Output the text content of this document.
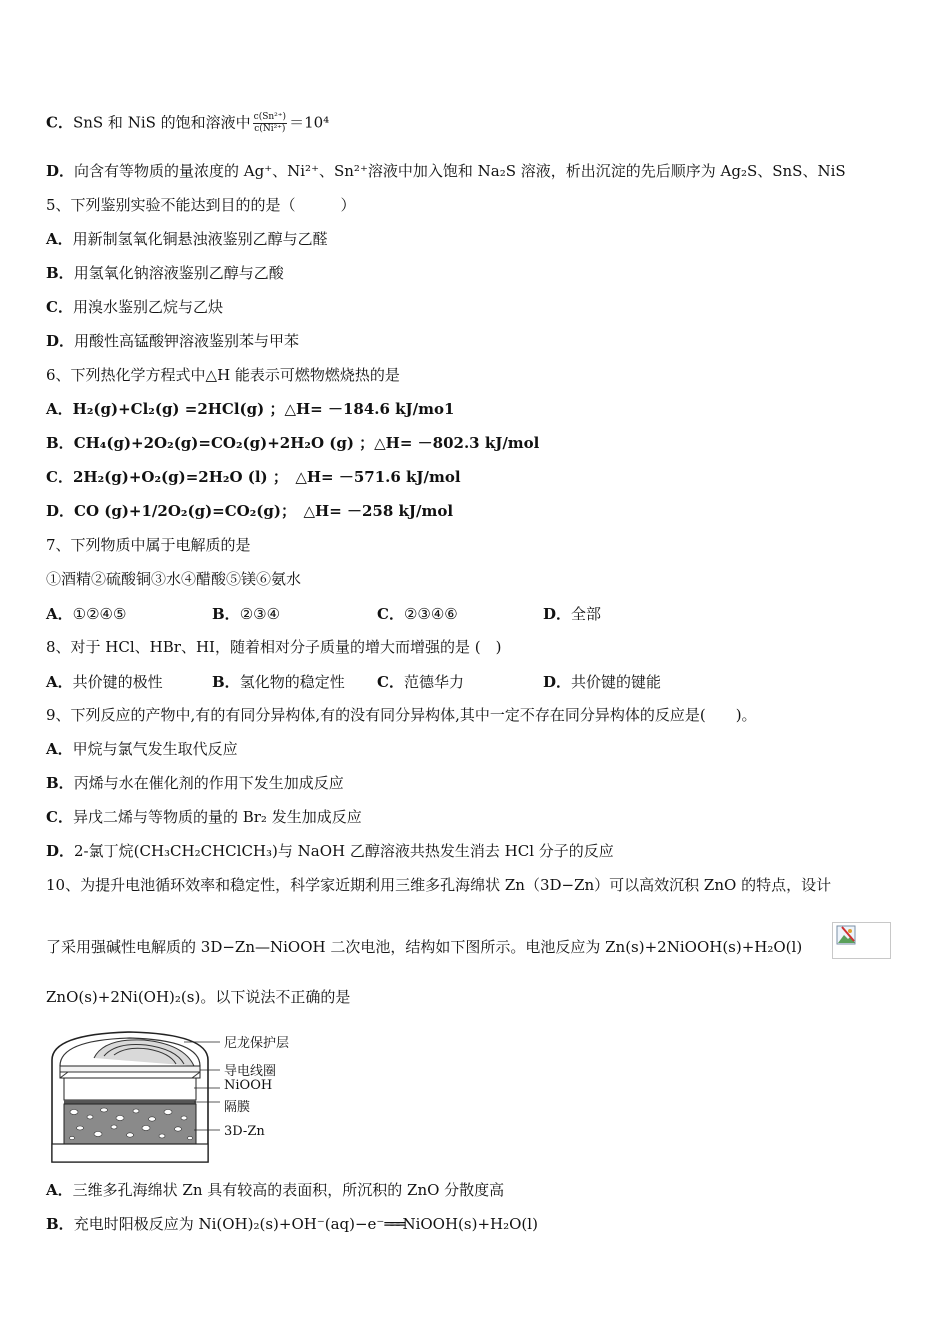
C．SnS 和 NiS 的饱和溶液中 $\frac{\text{c(Sn²⁺)}}{\text{c(Ni²⁺)}} =10^4$
D．向含有等物质的量浓度的 Ag⁺、Ni²⁺、Sn²⁺溶液中加入饱和 Na₂S 溶液，析出沉淀的先后顺序为 Ag₂S、SnS、NiS
5、下列鉴别实验不能达到目的的是（　　　）
A．用新制氢氧化铜悬浊液鉴别乙醇与乙醛
B．用氢氧化钠溶液鉴别乙醇与乙酸
C．用溴水鉴别乙烷与乙炔
D．用酸性高锰酸钾溶液鉴别苯与甲苯
6、下列热化学方程式中△H 能表示可燃物燃烧热的是
A．H₂(g)+Cl₂(g) =2HCl(g) ；△H= －184.6 kJ/mo1
B．CH₄(g)+2O₂(g)=CO₂(g)+2H₂O (g) ；△H= －802.3 kJ/mol
C．2H₂(g)+O₂(g)=2H₂O (l) ；　△H= －571.6 kJ/mol
D．CO (g)+1/2O₂(g)=CO₂(g)；　△H= －258 kJ/mol
7、下列物质中属于电解质的是
①酒精②硫酸铜③水④醋酸⑤镁⑥氨水
A．①②④⑤	B．②③④	C．②③④⑥	D．全部
8、对于 HCl、HBr、HI，随着相对分子质量的增大而增强的是 (　)
A．共价键的极性	B．氢化物的稳定性 C．范德华力	D．共价键的键能
9、下列反应的产物中,有的有同分异构体,有的没有同分异构体,其中一定不存在同分异构体的反应是(　　)。
A．甲烷与氯气发生取代反应
B．丙烯与水在催化剂的作用下发生加成反应
C．异戊二烯与等物质的量的 Br₂ 发生加成反应
D．2-氯丁烷(CH₃CH₂CHClCH₃)与 NaOH 乙醇溶液共热发生消去 HCl 分子的反应
10、为提升电池循环效率和稳定性，科学家近期利用三维多孔海绵状 Zn（3D−Zn）可以高效沉积 ZnO 的特点，设计
了采用强碱性电解质的 3D−Zn—NiOOH 二次电池，结构如下图所示。电池反应为 Zn(s)+2NiOOH(s)+H₂O(l)
ZnO(s)+2Ni(OH)₂(s)。以下说法不正确的是
尼龙保护层
导电线圈
NiOOH
隔膜
3D-Zn
A．三维多孔海绵状 Zn 具有较高的表面积，所沉积的 ZnO 分散度高
B．充电时阳极反应为 Ni(OH)₂(s)+OH⁻(aq)−e⁻═══NiOOH(s)+H₂O(l)
